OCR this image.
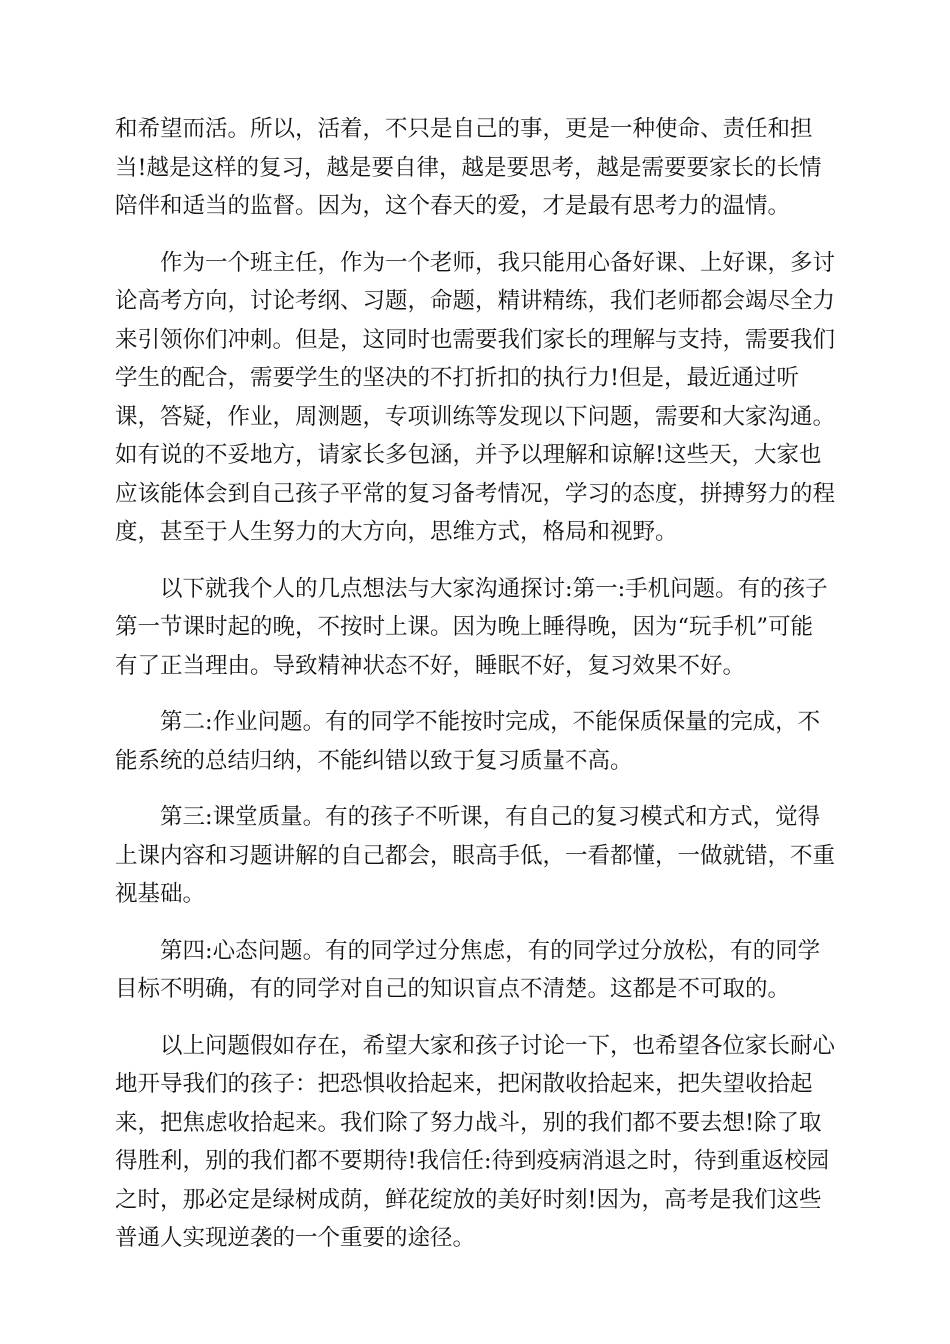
和希望而活。所以，活着，不只是自己的事，更是一种使命、责任和担
当!越是这样的复习，越是要自律，越是要思考，越是需要要家长的长情
陪伴和适当的监督。因为，这个春天的爱，才是最有思考力的温情。

作为一个班主任，作为一个老师，我只能用心备好课、上好课，多讨
论高考方向，讨论考纲、习题，命题，精讲精练，我们老师都会竭尽全力
来引领你们冲刺。但是，这同时也需要我们家长的理解与支持，需要我们
学生的配合，需要学生的坚决的不打折扣的执行力!但是，最近通过听
课，答疑，作业，周测题，专项训练等发现以下问题，需要和大家沟通。
如有说的不妥地方，请家长多包涵，并予以理解和谅解!这些天，大家也
应该能体会到自己孩子平常的复习备考情况，学习的态度，拼搏努力的程
度，甚至于人生努力的大方向，思维方式，格局和视野。

以下就我个人的几点想法与大家沟通探讨:第一:手机问题。有的孩子
第一节课时起的晚，不按时上课。因为晚上睡得晚，因为“玩手机”可能
有了正当理由。导致精神状态不好，睡眠不好，复习效果不好。

第二:作业问题。有的同学不能按时完成，不能保质保量的完成，不
能系统的总结归纳，不能纠错以致于复习质量不高。

第三:课堂质量。有的孩子不听课，有自己的复习模式和方式，觉得
上课内容和习题讲解的自己都会，眼高手低，一看都懂，一做就错，不重
视基础。

第四:心态问题。有的同学过分焦虑，有的同学过分放松，有的同学
目标不明确，有的同学对自己的知识盲点不清楚。这都是不可取的。

以上问题假如存在，希望大家和孩子讨论一下，也希望各位家长耐心
地开导我们的孩子：把恐惧收拾起来，把闲散收拾起来，把失望收拾起
来，把焦虑收拾起来。我们除了努力战斗，别的我们都不要去想!除了取
得胜利，别的我们都不要期待!我信任:待到疫病消退之时，待到重返校园
之时，那必定是绿树成荫，鲜花绽放的美好时刻!因为，高考是我们这些
普通人实现逆袭的一个重要的途径。
